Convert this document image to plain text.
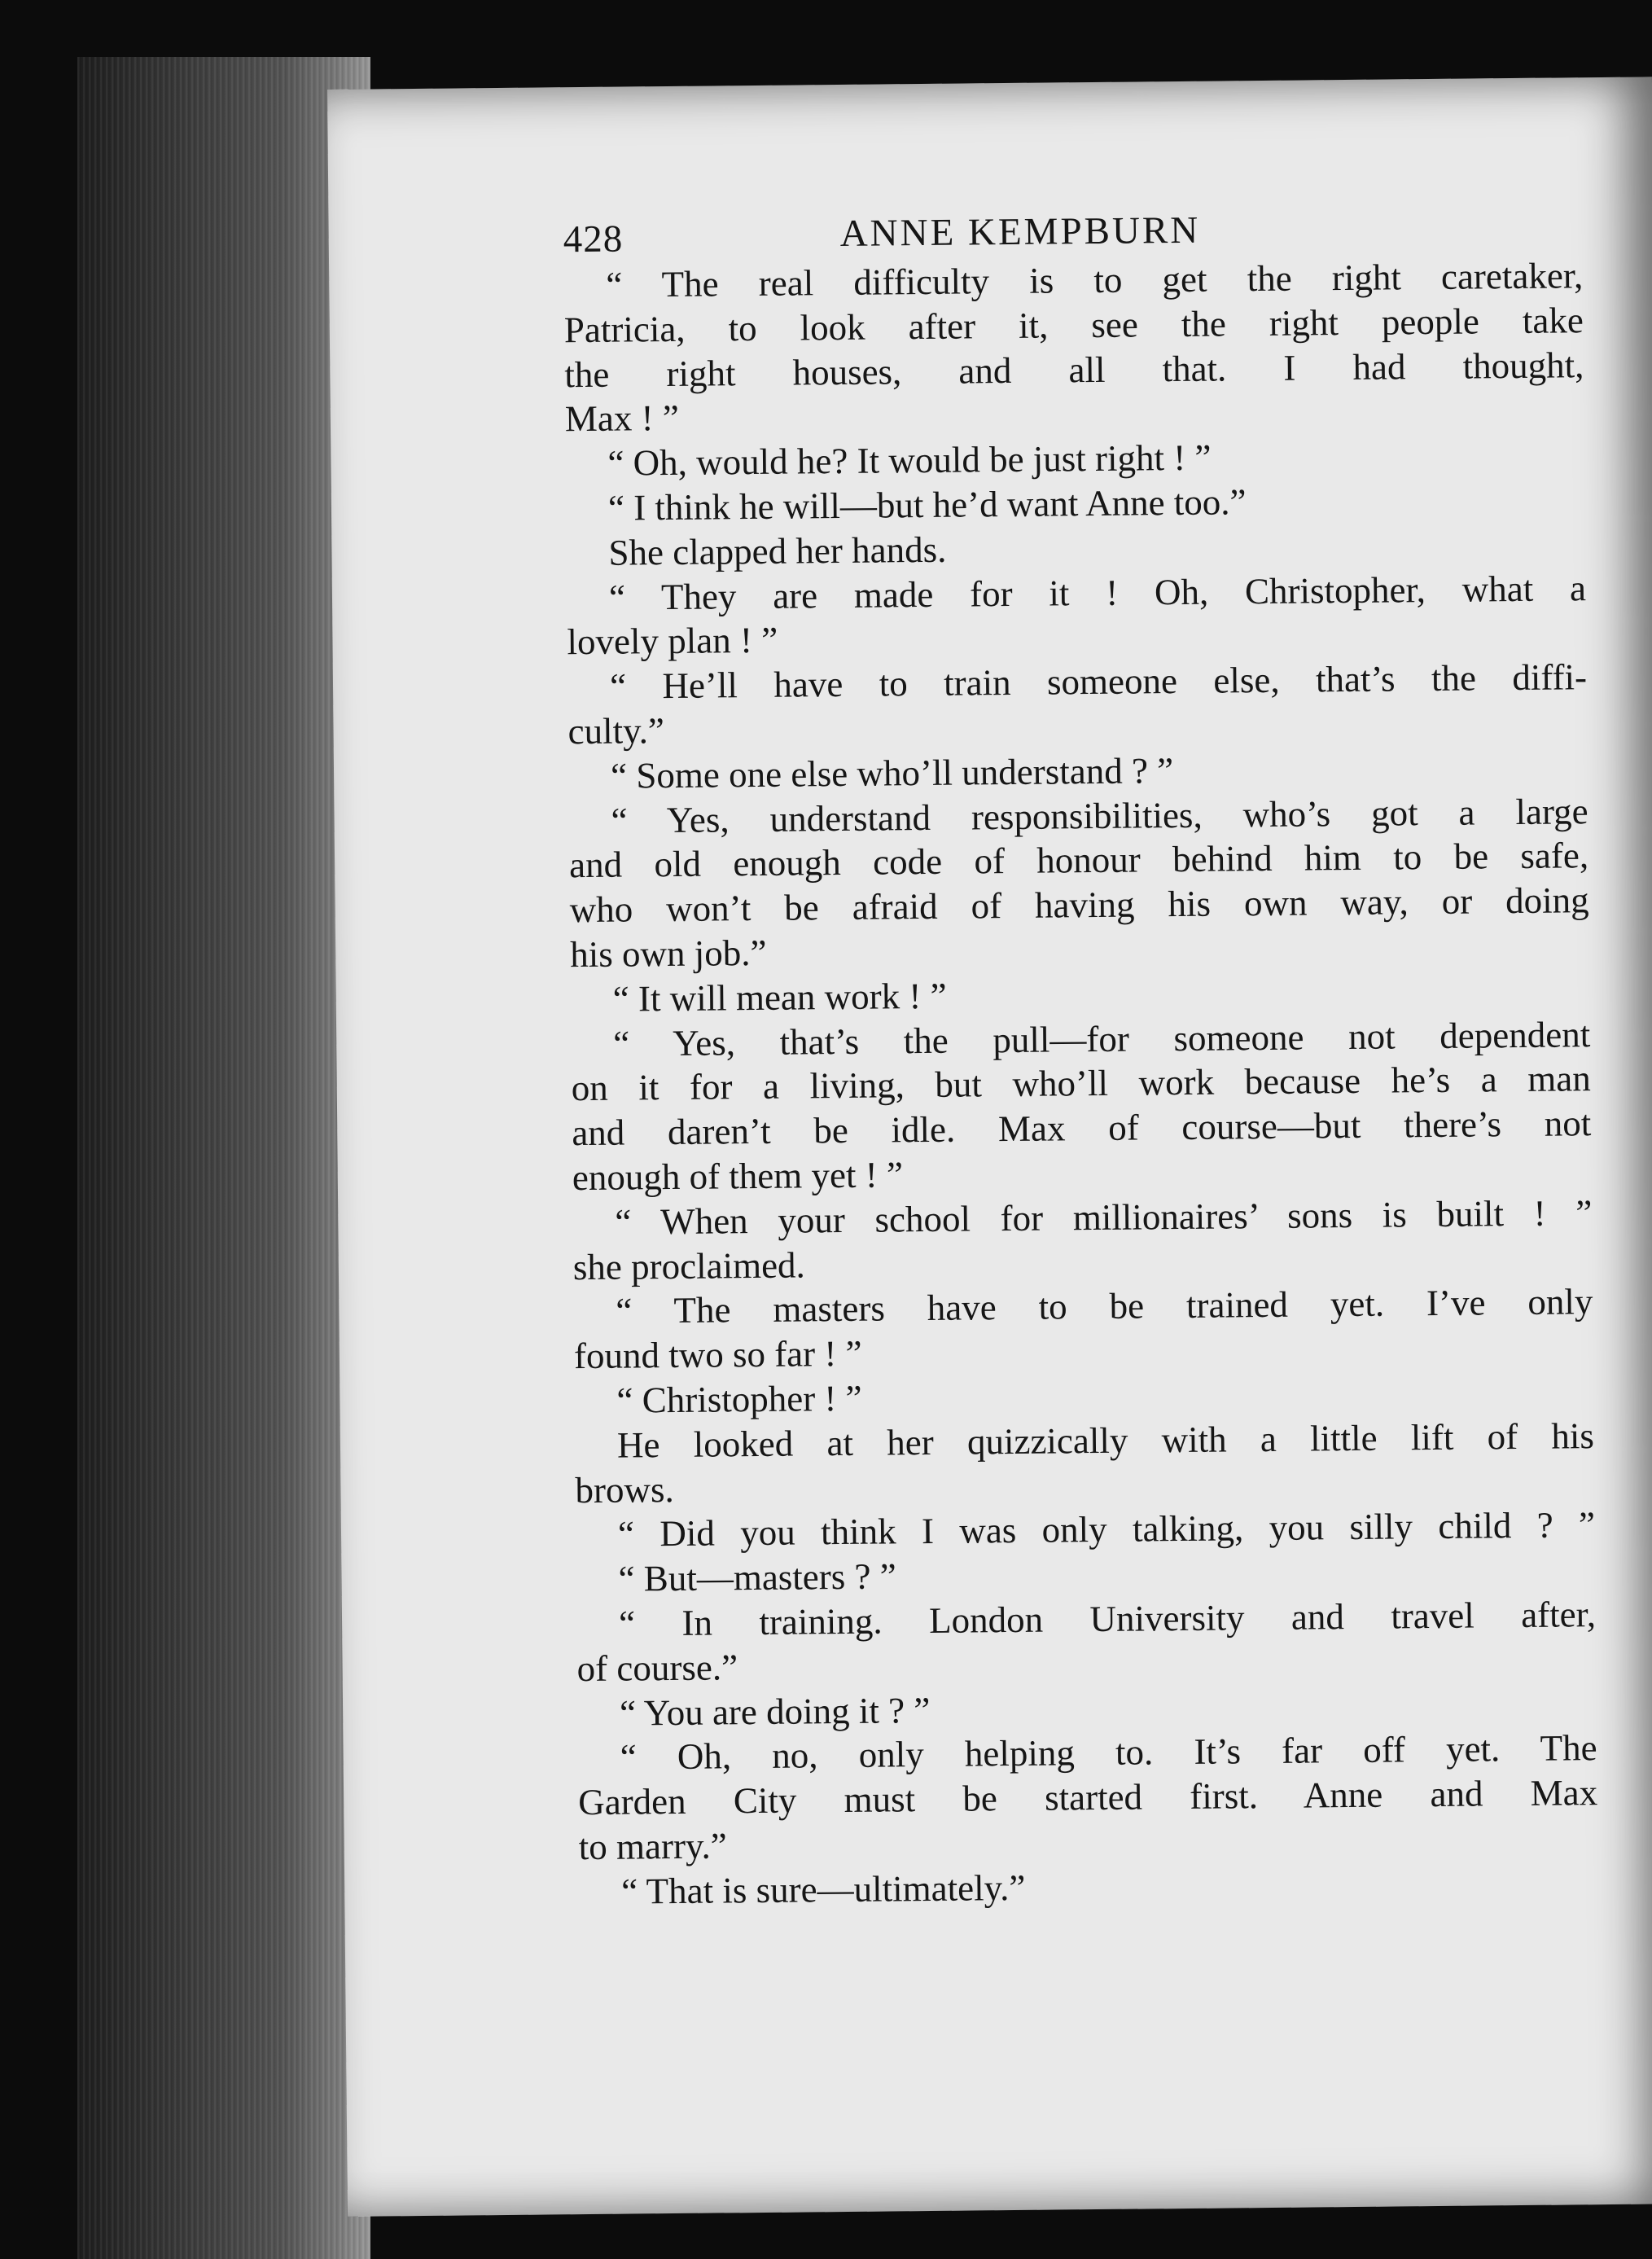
428	ANNE KEMPBURN
“ The real difficulty is to get the right caretaker,
Patricia, to look after it, see the right people take
the right houses, and all that. I had thought,
Max ! ”
“ Oh, would he? It would be just right ! ”
“ I think he will—but he’d want Anne too.”
She clapped her hands.
“ They are made for it ! Oh, Christopher, what a
lovely plan ! ”
“ He’ll have to train someone else, that’s the diffi-
culty.”
“ Some one else who’ll understand ? ”
“ Yes, understand responsibilities, who’s got a large
and old enough code of honour behind him to be safe,
who won’t be afraid of having his own way, or doing
his own job.”
“ It will mean work ! ”
“ Yes, that’s the pull—for someone not dependent
on it for a living, but who’ll work because he’s a man
and daren’t be idle. Max of course—but there’s not
enough of them yet ! ”
“ When your school for millionaires’ sons is built ! ”
she proclaimed.
“ The masters have to be trained yet. I’ve only
found two so far ! ”
“ Christopher ! ”
He looked at her quizzically with a little lift of his
brows.
“ Did you think I was only talking, you silly child ? ”
“ But—masters ? ”
“ In training. London University and travel after,
of course.”
“ You are doing it ? ”
“ Oh, no, only helping to. It’s far off yet. The
Garden City must be started first. Anne and Max
to marry.”
“ That is sure—ultimately.”
